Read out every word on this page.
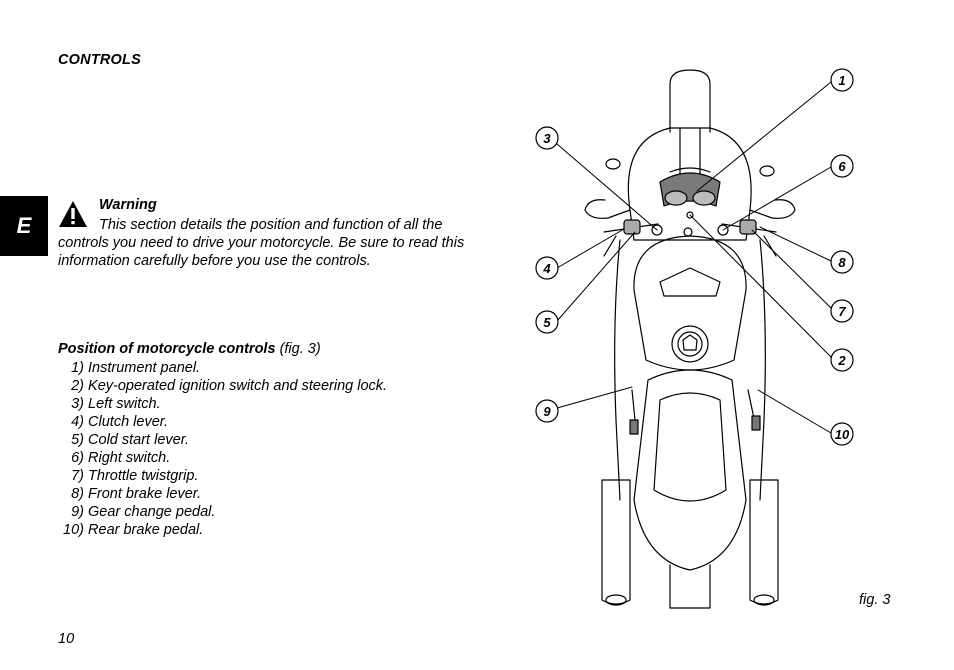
CONTROLS
E
Warning
This section details the position and function of all the controls you need to drive your motorcycle. Be sure to read this information carefully before you use the controls.
Position of motorcycle controls (fig. 3)
1) Instrument panel.
2) Key-operated ignition switch and steering lock.
3) Left switch.
4) Clutch lever.
5) Cold start lever.
6) Right switch.
7) Throttle twistgrip.
8) Front brake lever.
9) Gear change pedal.
10) Rear brake pedal.
10
fig. 3
1
2
3
4
5
6
7
8
9
10
